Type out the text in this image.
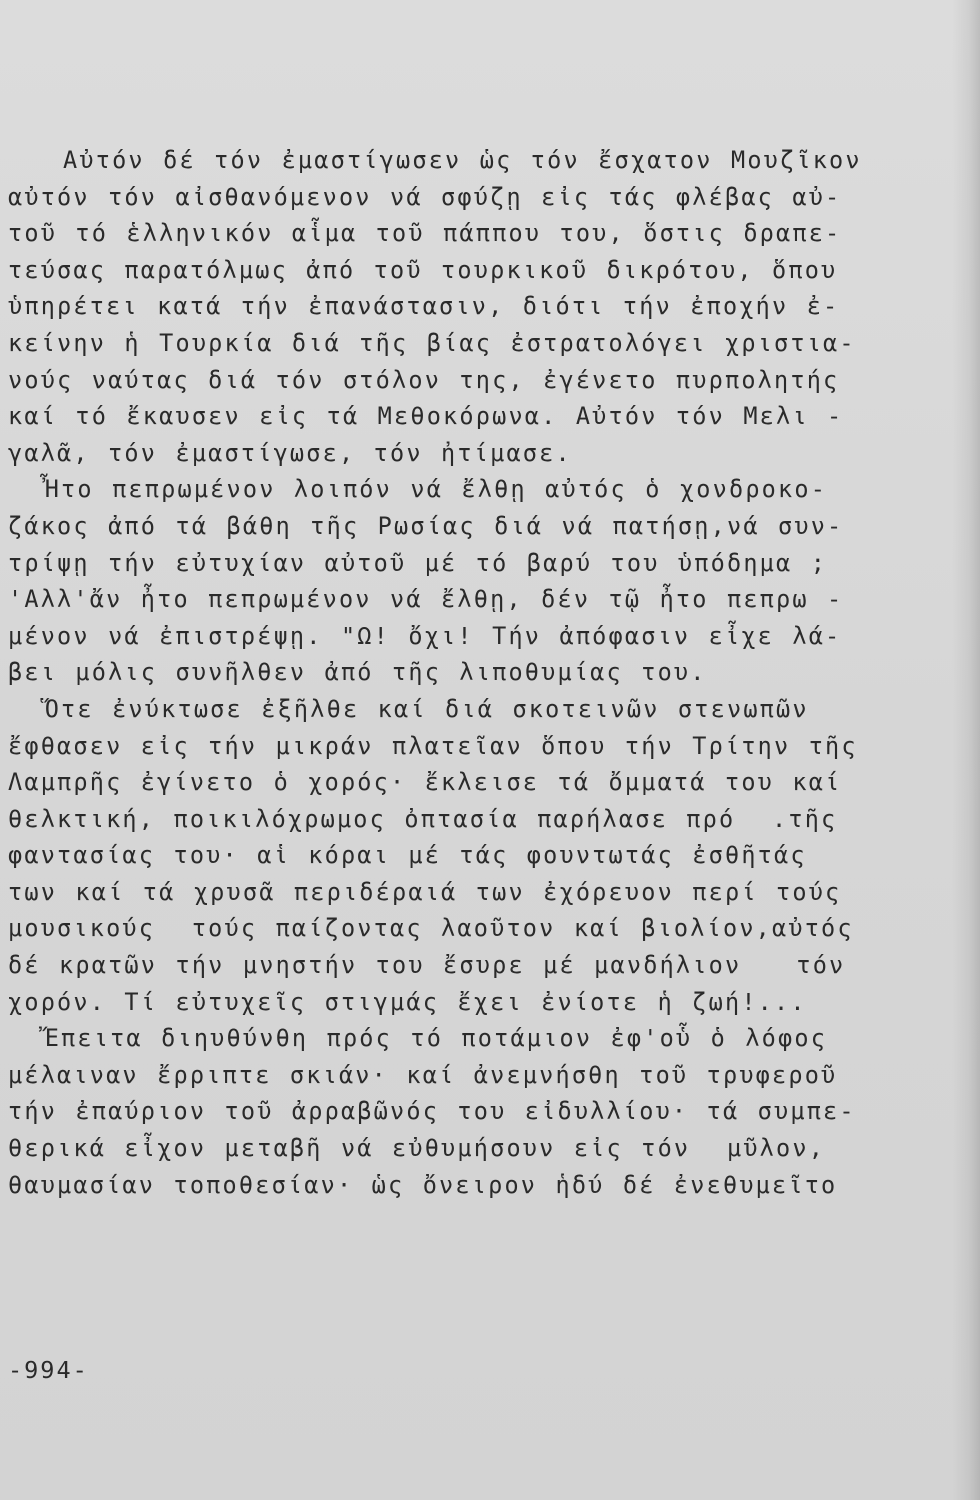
Αὐτόν δέ τόν ἐμαστίγωσεν ὡς τόν ἔσχατον Μουζῖκον
αὐτόν τόν αἰσθανόμενον νά σφύζῃ εἰς τάς φλέβας αὐ-
τοῦ τό ἑλληνικόν αἷμα τοῦ πάππου του, ὅστις δραπε-
τεύσας παρατόλμως ἀπό τοῦ τουρκικοῦ δικρότου, ὅπου
ὑπηρέτει κατά τήν ἐπανάστασιν, διότι τήν ἐποχήν ἐ-
κείνην ἡ Τουρκία διά τῆς βίας ἐστρατολόγει χριστια-
νούς ναύτας διά τόν στόλον της, ἐγένετο πυρπολητής
καί τό ἔκαυσεν εἰς τά Μεθοκόρωνα. Αὐτόν τόν Μελι -
γαλᾶ, τόν ἐμαστίγωσε, τόν ἠτίμασε.
Ἦτο πεπρωμένον λοιπόν νά ἔλθῃ αὐτός ὁ χονδροκο-
ζάκος ἀπό τά βάθη τῆς Ρωσίας διά νά πατήσῃ,νά συν-
τρίψῃ τήν εὐτυχίαν αὐτοῦ μέ τό βαρύ του ὑπόδημα ;
'Αλλ'ἄν ἦτο πεπρωμένον νά ἔλθῃ, δέν τῷ ἦτο πεπρω -
μένον νά ἐπιστρέψῃ. "Ω! ὄχι! Τήν ἀπόφασιν εἶχε λά-
βει μόλις συνῆλθεν ἀπό τῆς λιποθυμίας του.
Ὅτε ἐνύκτωσε ἐξῆλθε καί διά σκοτεινῶν στενωπῶν
ἔφθασεν εἰς τήν μικράν πλατεῖαν ὅπου τήν Τρίτην τῆς
Λαμπρῆς ἐγίνετο ὁ χορός· ἔκλεισε τά ὄμματά του καί
θελκτική, ποικιλόχρωμος ὀπτασία παρήλασε πρό  .τῆς
φαντασίας του· αἱ κόραι μέ τάς φουντωτάς ἐσθῆτάς
των καί τά χρυσᾶ περιδέραιά των ἐχόρευον περί τούς
μουσικούς  τούς παίζοντας λαοῦτον καί βιολίον,αὐτός
δέ κρατῶν τήν μνηστήν του ἔσυρε μέ μανδήλιον   τόν
χορόν. Τί εὐτυχεῖς στιγμάς ἔχει ἐνίοτε ἡ ζωή!...
Ἔπειτα διηυθύνθη πρός τό ποτάμιον ἐφ'οὗ ὁ λόφος
μέλαιναν ἔρριπτε σκιάν· καί ἀνεμνήσθη τοῦ τρυφεροῦ
τήν ἐπαύριον τοῦ ἀρραβῶνός του εἰδυλλίου· τά συμπε-
θερικά εἶχον μεταβῆ νά εὐθυμήσουν εἰς τόν  μῦλον,
θαυμασίαν τοποθεσίαν· ὡς ὄνειρον ἡδύ δέ ἐνεθυμεῖτο
-994-
